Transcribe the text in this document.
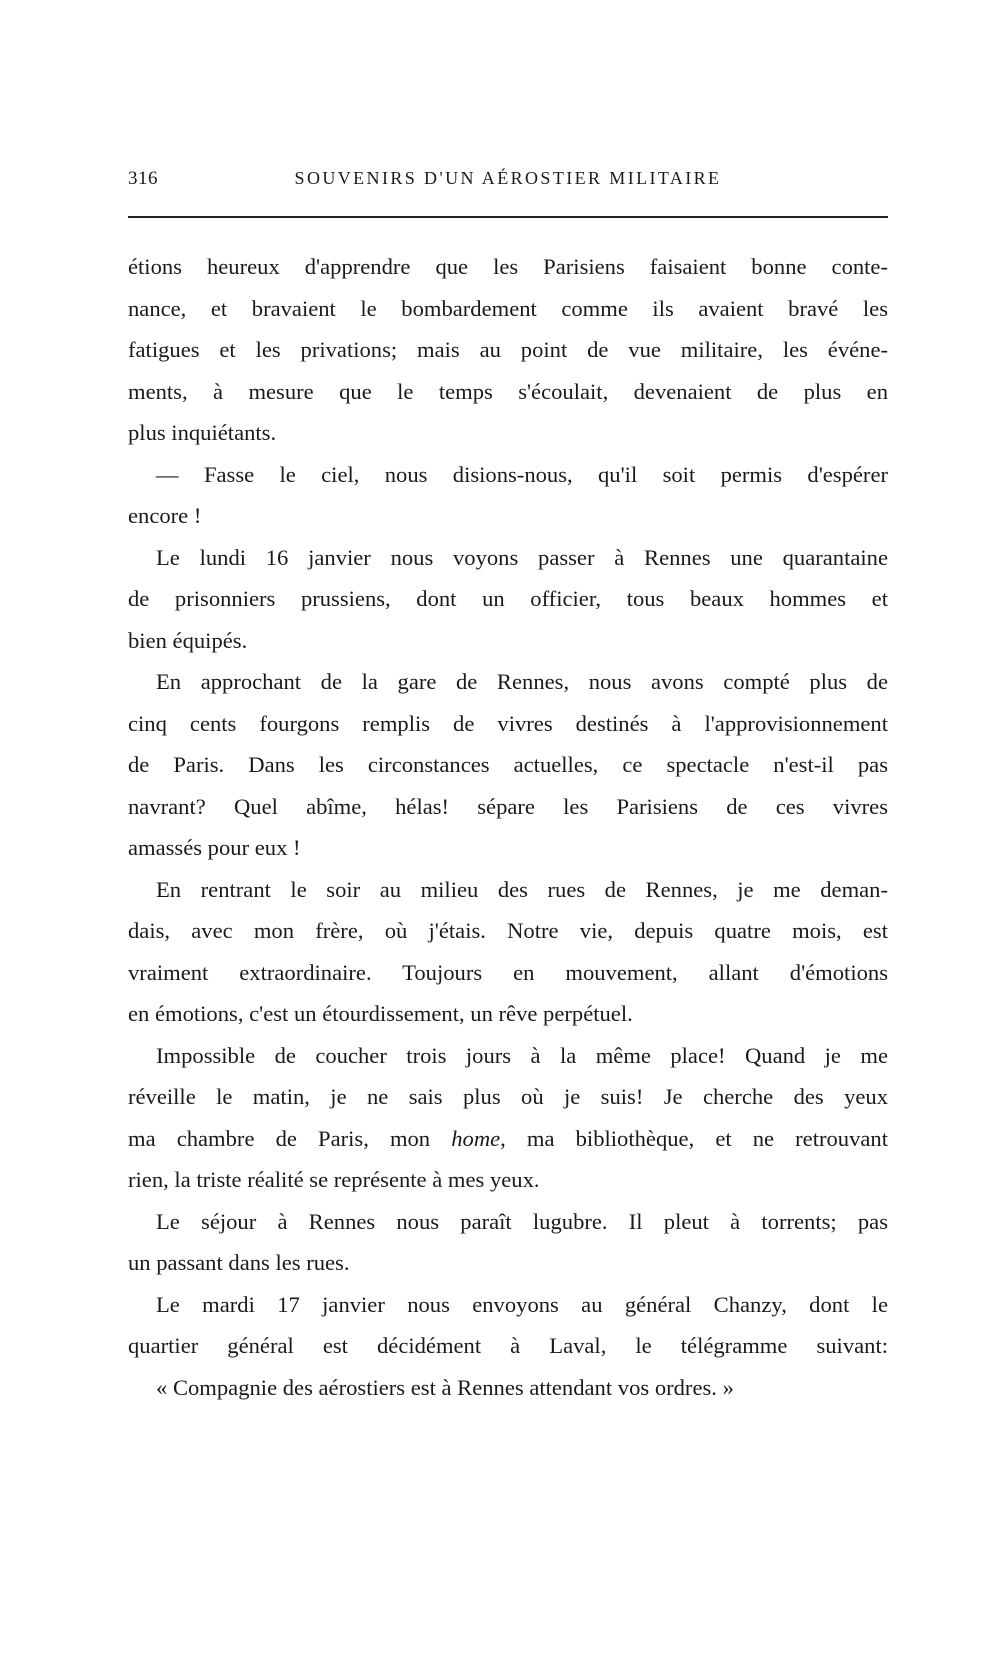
316	SOUVENIRS D'UN AÉROSTIER MILITAIRE
étions heureux d'apprendre que les Parisiens faisaient bonne conte-
nance, et bravaient le bombardement comme ils avaient bravé les
fatigues et les privations; mais au point de vue militaire, les événe-
ments, à mesure que le temps s'écoulait, devenaient de plus en
plus inquiétants.
— Fasse le ciel, nous disions-nous, qu'il soit permis d'espérer
encore !
Le lundi 16 janvier nous voyons passer à Rennes une quarantaine
de prisonniers prussiens, dont un officier, tous beaux hommes et
bien équipés.
En approchant de la gare de Rennes, nous avons compté plus de
cinq cents fourgons remplis de vivres destinés à l'approvisionnement
de Paris. Dans les circonstances actuelles, ce spectacle n'est-il pas
navrant? Quel abîme, hélas! sépare les Parisiens de ces vivres
amassés pour eux !
En rentrant le soir au milieu des rues de Rennes, je me deman-
dais, avec mon frère, où j'étais. Notre vie, depuis quatre mois, est
vraiment extraordinaire. Toujours en mouvement, allant d'émotions
en émotions, c'est un étourdissement, un rêve perpétuel.
Impossible de coucher trois jours à la même place! Quand je me
réveille le matin, je ne sais plus où je suis! Je cherche des yeux
ma chambre de Paris, mon home, ma bibliothèque, et ne retrouvant
rien, la triste réalité se représente à mes yeux.
Le séjour à Rennes nous paraît lugubre. Il pleut à torrents; pas
un passant dans les rues.
Le mardi 17 janvier nous envoyons au général Chanzy, dont le
quartier général est décidément à Laval, le télégramme suivant:
« Compagnie des aérostiers est à Rennes attendant vos ordres. »
